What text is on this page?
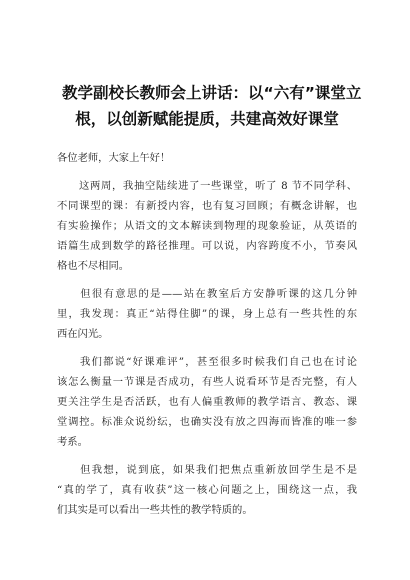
教学副校长教师会上讲话：以“六有”课堂立
根，以创新赋能提质，共建高效好课堂
各位老师，大家上午好！
　　这两周，我抽空陆续进了一些课堂，听了 8 节不同学科、
不同课型的课：有新授内容，也有复习回顾；有概念讲解，也
有实验操作；从语文的文本解读到物理的现象验证，从英语的
语篇生成到数学的路径推理。可以说，内容跨度不小，节奏风
格也不尽相同。
　　但很有意思的是——站在教室后方安静听课的这几分钟
里，我发现：真正“站得住脚”的课，身上总有一些共性的东
西在闪光。
　　我们都说“好课难评”，甚至很多时候我们自己也在讨论
该怎么衡量一节课是否成功，有些人说看环节是否完整，有人
更关注学生是否活跃，也有人偏重教师的教学语言、教态、课
堂调控。标准众说纷纭，也确实没有放之四海而皆准的唯一参
考系。
　　但我想，说到底，如果我们把焦点重新放回学生是不是
“真的学了，真有收获”这一核心问题之上，围绕这一点，我
们其实是可以看出一些共性的教学特质的。
